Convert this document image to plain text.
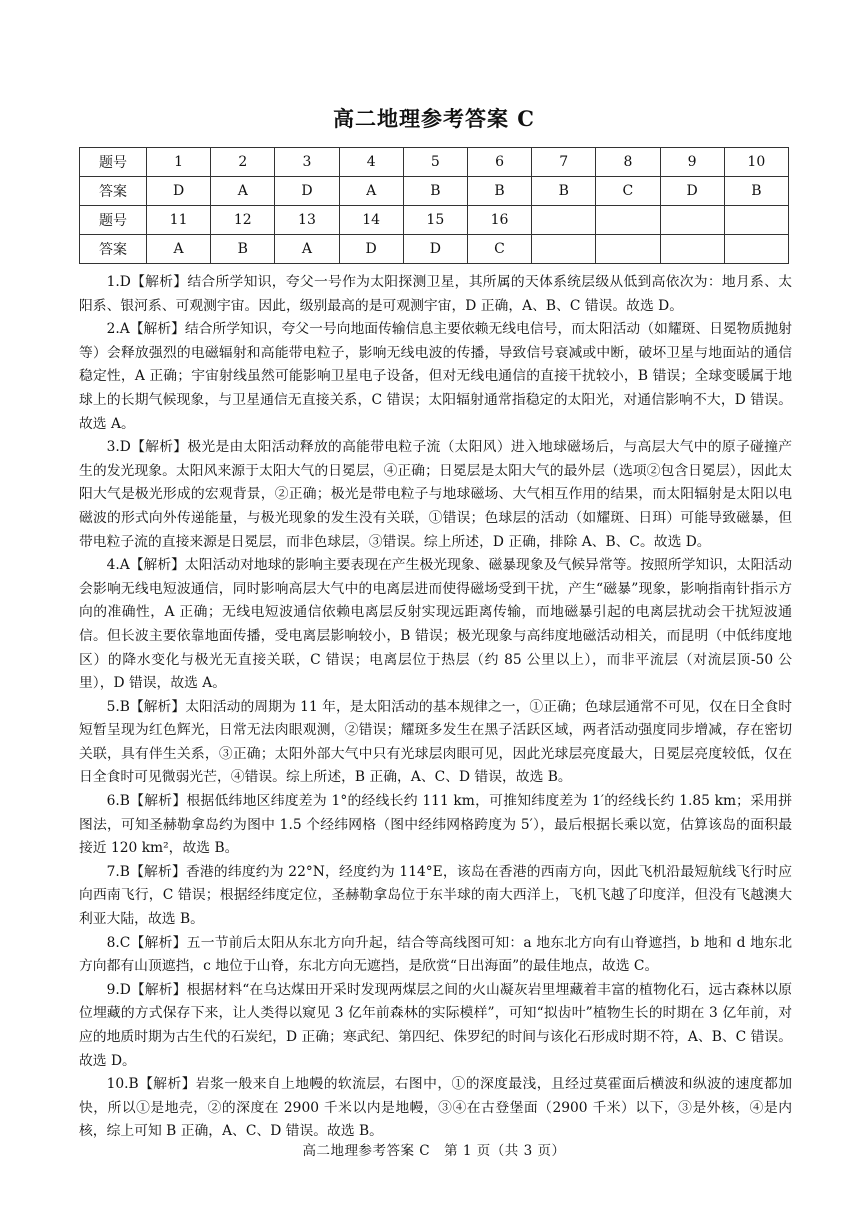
高二地理参考答案 C
题号	1	2	3	4	5	6	7	8	9	10
答案	D	A	D	A	B	B	B	C	D	B
题号	11	12	13	14	15	16				
答案	A	B	A	D	D	C				

1.D【解析】结合所学知识，夸父一号作为太阳探测卫星，其所属的天体系统层级从低到高依次为：地月系、太阳系、银河系、可观测宇宙。因此，级别最高的是可观测宇宙，D 正确，A、B、C 错误。故选 D。

2.A【解析】结合所学知识，夸父一号向地面传输信息主要依赖无线电信号，而太阳活动（如耀斑、日冕物质抛射等）会释放强烈的电磁辐射和高能带电粒子，影响无线电波的传播，导致信号衰减或中断，破坏卫星与地面站的通信稳定性，A 正确；宇宙射线虽然可能影响卫星电子设备，但对无线电通信的直接干扰较小，B 错误；全球变暖属于地球上的长期气候现象，与卫星通信无直接关系，C 错误；太阳辐射通常指稳定的太阳光，对通信影响不大，D 错误。故选 A。

3.D【解析】极光是由太阳活动释放的高能带电粒子流（太阳风）进入地球磁场后，与高层大气中的原子碰撞产生的发光现象。太阳风来源于太阳大气的日冕层，④正确；日冕层是太阳大气的最外层（选项②包含日冕层），因此太阳大气是极光形成的宏观背景，②正确；极光是带电粒子与地球磁场、大气相互作用的结果，而太阳辐射是太阳以电磁波的形式向外传递能量，与极光现象的发生没有关联，①错误；色球层的活动（如耀斑、日珥）可能导致磁暴，但带电粒子流的直接来源是日冕层，而非色球层，③错误。综上所述，D 正确，排除 A、B、C。故选 D。

4.A【解析】太阳活动对地球的影响主要表现在产生极光现象、磁暴现象及气候异常等。按照所学知识，太阳活动会影响无线电短波通信，同时影响高层大气中的电离层进而使得磁场受到干扰，产生“磁暴”现象，影响指南针指示方向的准确性，A 正确；无线电短波通信依赖电离层反射实现远距离传输，而地磁暴引起的电离层扰动会干扰短波通信。但长波主要依靠地面传播，受电离层影响较小，B 错误；极光现象与高纬度地磁活动相关，而昆明（中低纬度地区）的降水变化与极光无直接关联，C 错误；电离层位于热层（约 85 公里以上），而非平流层（对流层顶-50 公里），D 错误，故选 A。

5.B【解析】太阳活动的周期为 11 年，是太阳活动的基本规律之一，①正确；色球层通常不可见，仅在日全食时短暂呈现为红色辉光，日常无法肉眼观测，②错误；耀斑多发生在黑子活跃区域，两者活动强度同步增减，存在密切关联，具有伴生关系，③正确；太阳外部大气中只有光球层肉眼可见，因此光球层亮度最大，日冕层亮度较低，仅在日全食时可见微弱光芒，④错误。综上所述，B 正确，A、C、D 错误，故选 B。

6.B【解析】根据低纬地区纬度差为 1°的经线长约 111 km，可推知纬度差为 1′的经线长约 1.85 km；采用拼图法，可知圣赫勒拿岛约为图中 1.5 个经纬网格（图中经纬网格跨度为 5′），最后根据长乘以宽，估算该岛的面积最接近 120 km²，故选 B。

7.B【解析】香港的纬度约为 22°N，经度约为 114°E，该岛在香港的西南方向，因此飞机沿最短航线飞行时应向西南飞行，C 错误；根据经纬度定位，圣赫勒拿岛位于东半球的南大西洋上，飞机飞越了印度洋，但没有飞越澳大利亚大陆，故选 B。

8.C【解析】五一节前后太阳从东北方向升起，结合等高线图可知：a 地东北方向有山脊遮挡，b 地和 d 地东北方向都有山顶遮挡，c 地位于山脊，东北方向无遮挡，是欣赏“日出海面”的最佳地点，故选 C。

9.D【解析】根据材料“在乌达煤田开采时发现两煤层之间的火山凝灰岩里埋藏着丰富的植物化石，远古森林以原位埋藏的方式保存下来，让人类得以窥见 3 亿年前森林的实际模样”，可知“拟齿叶”植物生长的时期在 3 亿年前，对应的地质时期为古生代的石炭纪，D 正确；寒武纪、第四纪、侏罗纪的时间与该化石形成时期不符，A、B、C 错误。故选 D。

10.B【解析】岩浆一般来自上地幔的软流层，右图中，①的深度最浅，且经过莫霍面后横波和纵波的速度都加快，所以①是地壳，②的深度在 2900 千米以内是地幔，③④在古登堡面（2900 千米）以下，③是外核，④是内核，综上可知 B 正确，A、C、D 错误。故选 B。

高二地理参考答案 C　第 1 页（共 3 页）
